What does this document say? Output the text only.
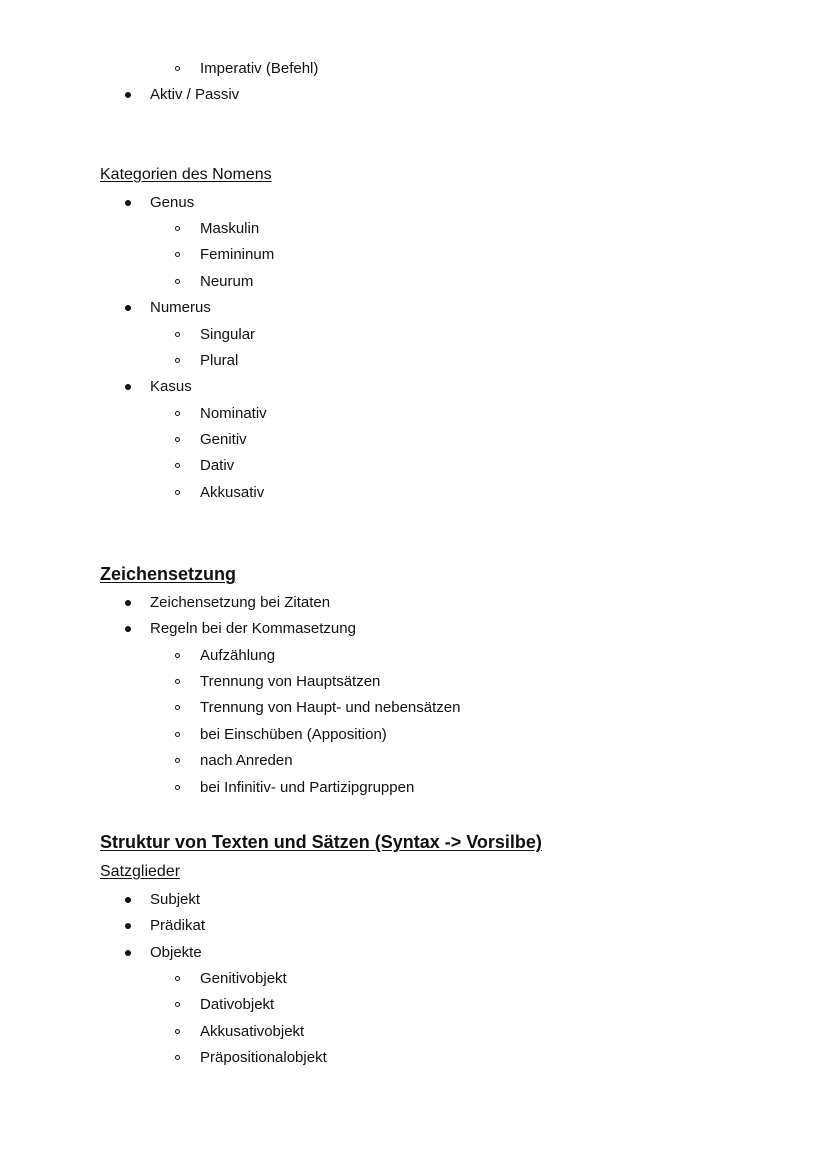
Imperativ (Befehl)
Aktiv / Passiv
Kategorien des Nomens
Genus
Maskulin
Femininum
Neurum
Numerus
Singular
Plural
Kasus
Nominativ
Genitiv
Dativ
Akkusativ
Zeichensetzung
Zeichensetzung bei Zitaten
Regeln bei der Kommasetzung
Aufzählung
Trennung von Hauptsätzen
Trennung von Haupt- und nebensätzen
bei Einschüben (Apposition)
nach Anreden
bei Infinitiv- und Partizipgruppen
Struktur von Texten und Sätzen (Syntax -> Vorsilbe)
Satzglieder
Subjekt
Prädikat
Objekte
Genitivobjekt
Dativobjekt
Akkusativobjekt
Präpositionalobjekt
